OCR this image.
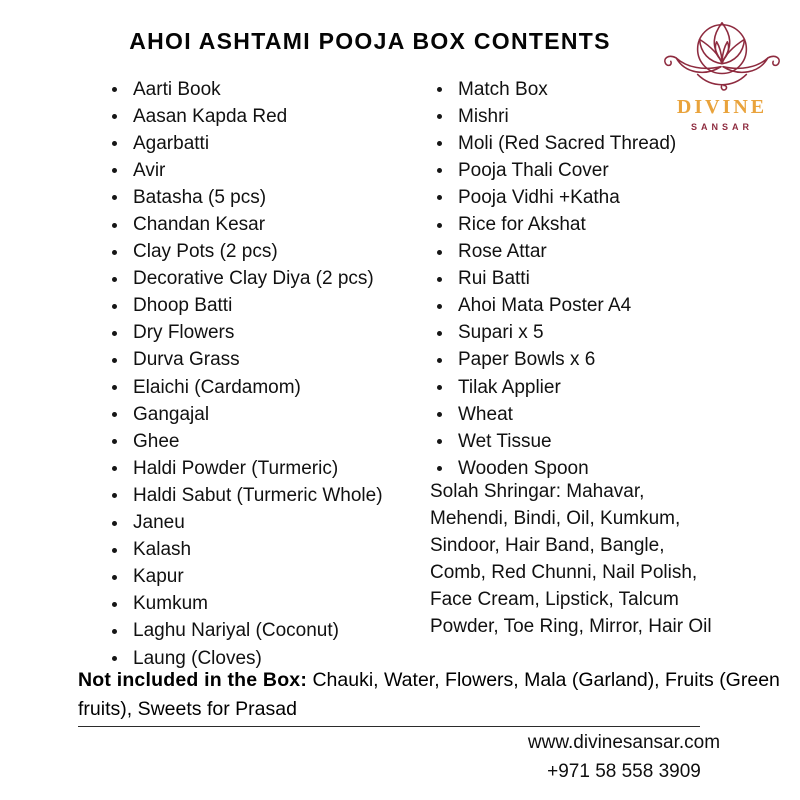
AHOI ASHTAMI POOJA BOX CONTENTS
DIVINE
SANSAR
Aarti Book
Aasan Kapda Red
Agarbatti
Avir
Batasha (5 pcs)
Chandan Kesar
Clay Pots (2 pcs)
Decorative Clay Diya (2 pcs)
Dhoop Batti
Dry Flowers
Durva Grass
Elaichi (Cardamom)
Gangajal
Ghee
Haldi Powder (Turmeric)
Haldi Sabut (Turmeric Whole)
Janeu
Kalash
Kapur
Kumkum
Laghu Nariyal (Coconut)
Laung (Cloves)
Match Box
Mishri
Moli (Red Sacred Thread)
Pooja Thali Cover
Pooja Vidhi +Katha
Rice for Akshat
Rose Attar
Rui Batti
Ahoi Mata Poster A4
Supari x 5
Paper Bowls x 6
Tilak Applier
Wheat
Wet Tissue
Wooden Spoon

Solah Shringar: Mahavar, Mehendi, Bindi, Oil, Kumkum, Sindoor, Hair Band, Bangle, Comb, Red Chunni, Nail Polish, Face Cream, Lipstick, Talcum Powder, Toe Ring, Mirror, Hair Oil

Not included in the Box: Chauki, Water, Flowers, Mala (Garland), Fruits (Green fruits), Sweets for Prasad

www.divinesansar.com
+971 58 558 3909
